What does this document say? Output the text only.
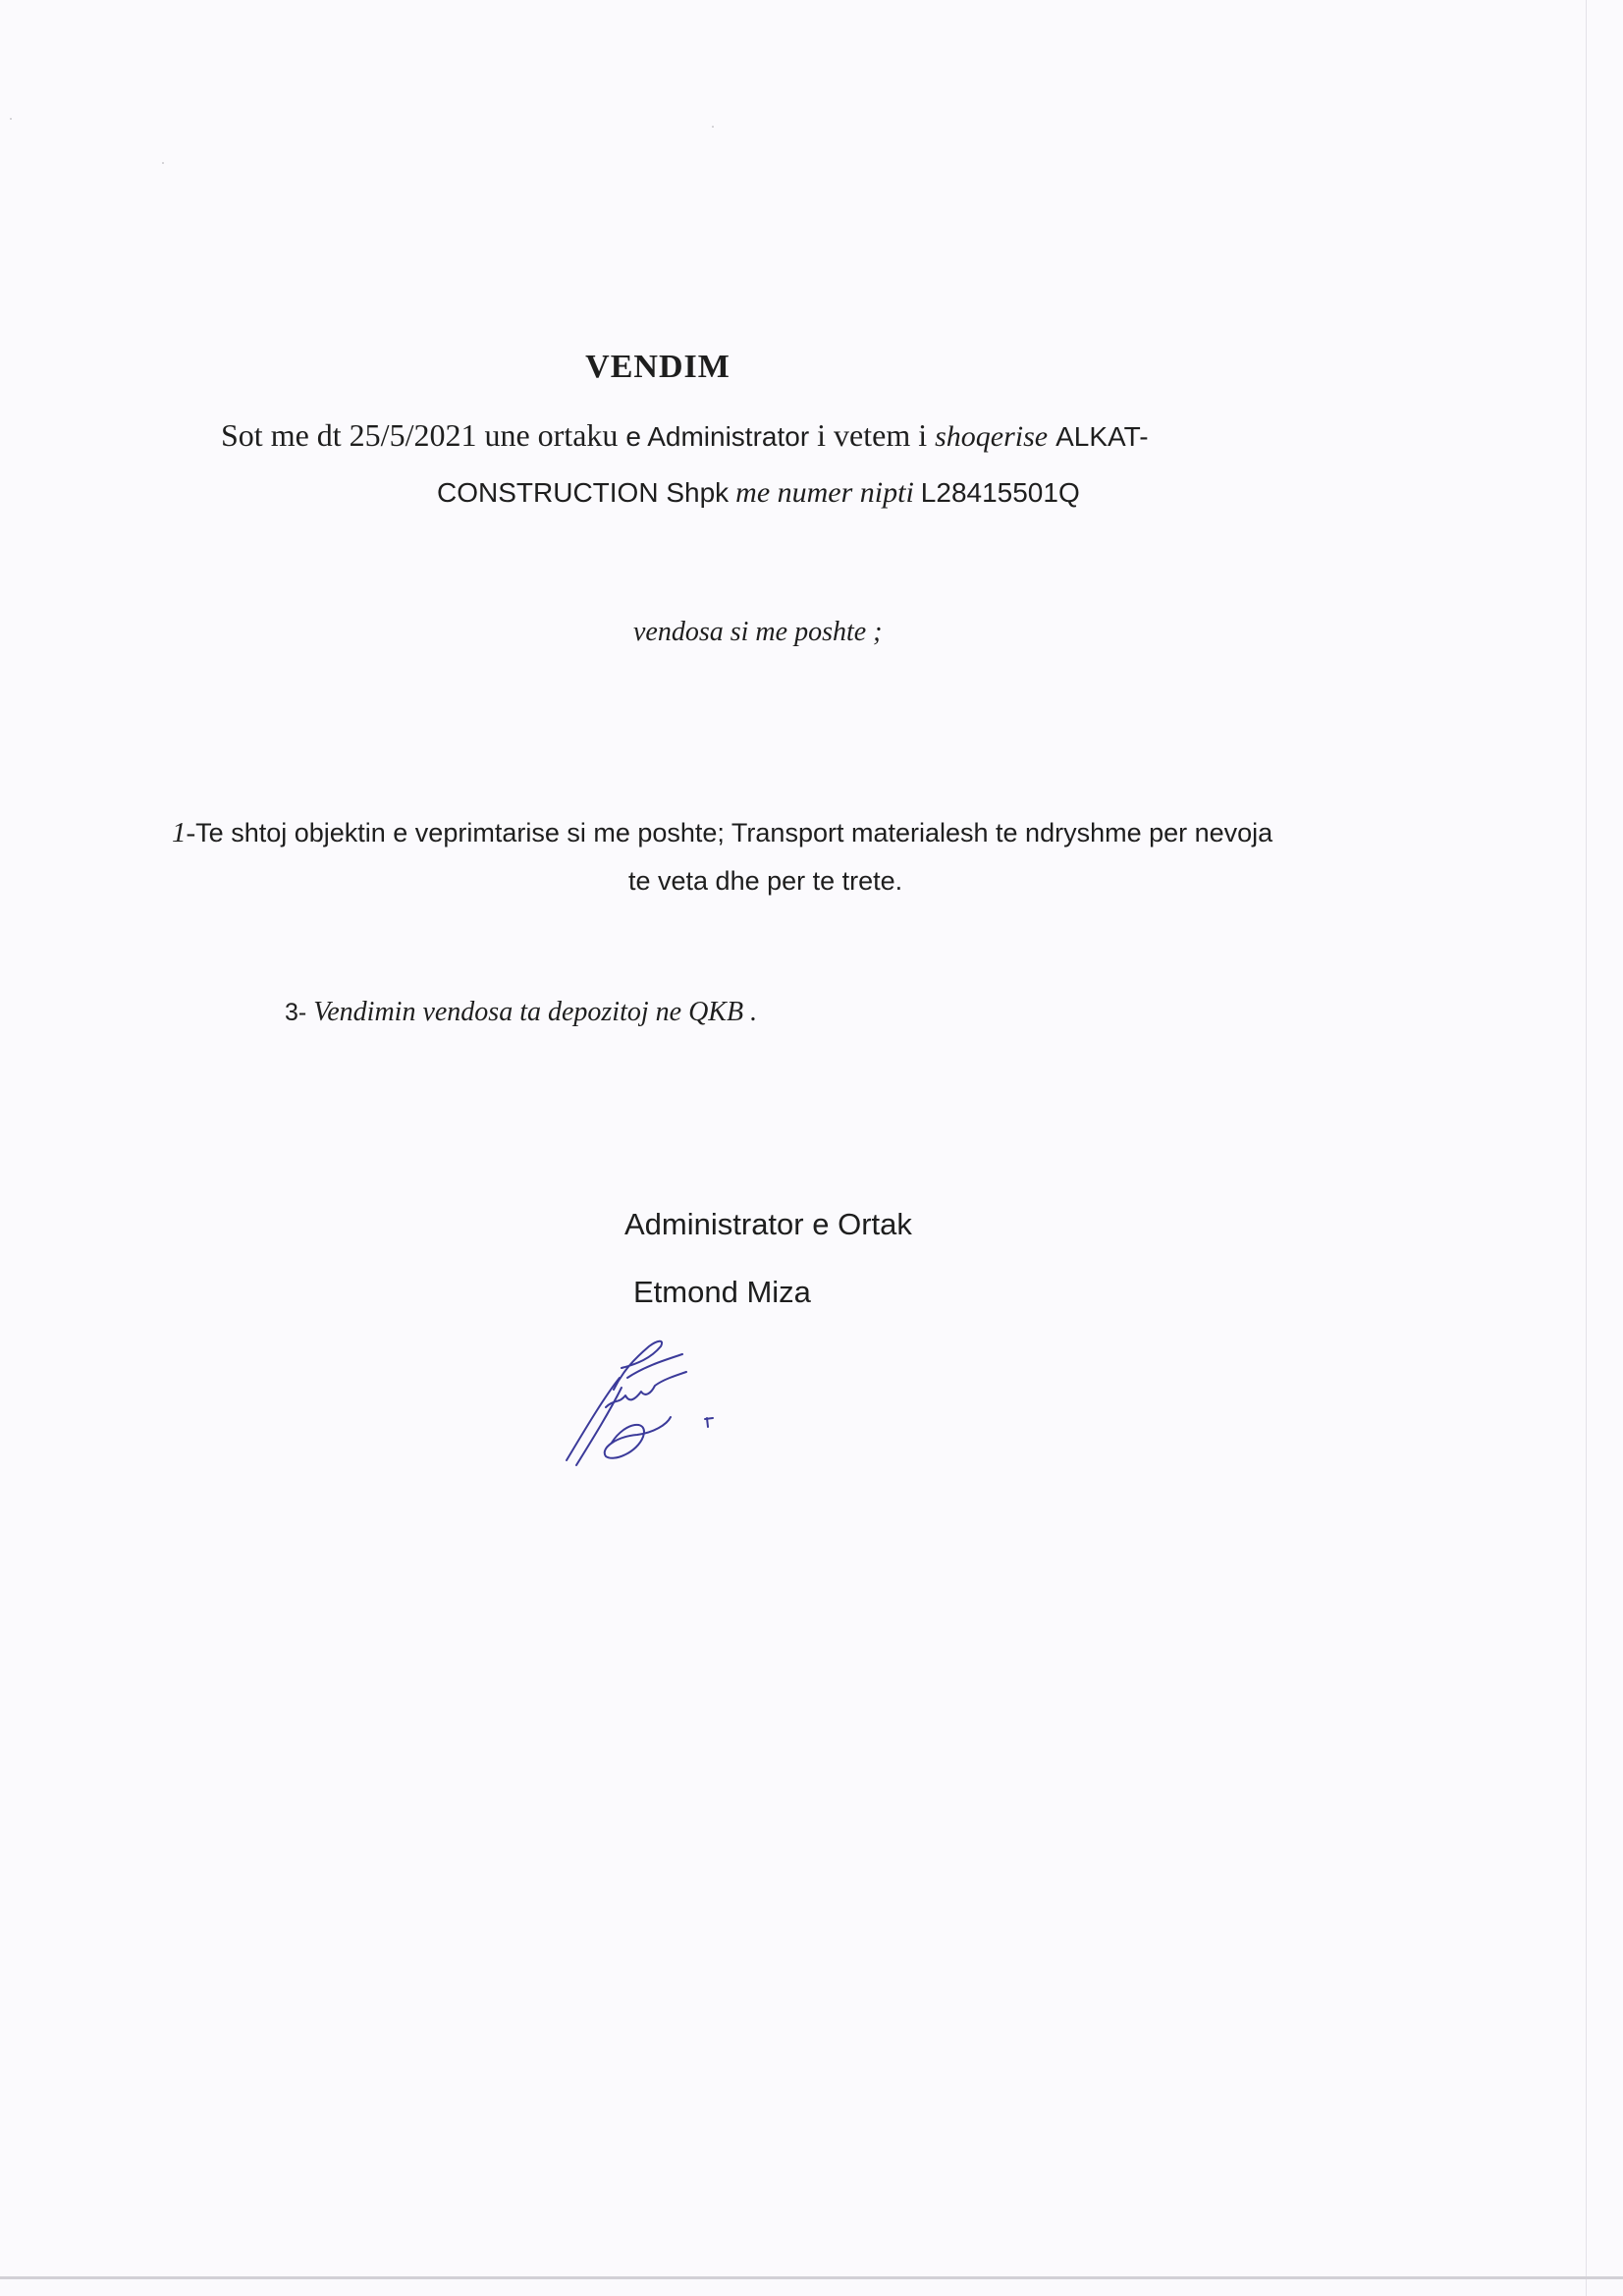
VENDIM
Sot me dt 25/5/2021 une ortaku e Administrator i vetem i shoqerise ALKAT-
CONSTRUCTION Shpk me numer nipti L28415501Q
vendosa si me poshte ;
1-Te shtoj objektin e veprimtarise si me poshte; Transport materialesh te ndryshme per nevoja
te veta dhe per te trete.
3- Vendimin vendosa ta depozitoj ne QKB .
Administrator e Ortak
Etmond Miza
